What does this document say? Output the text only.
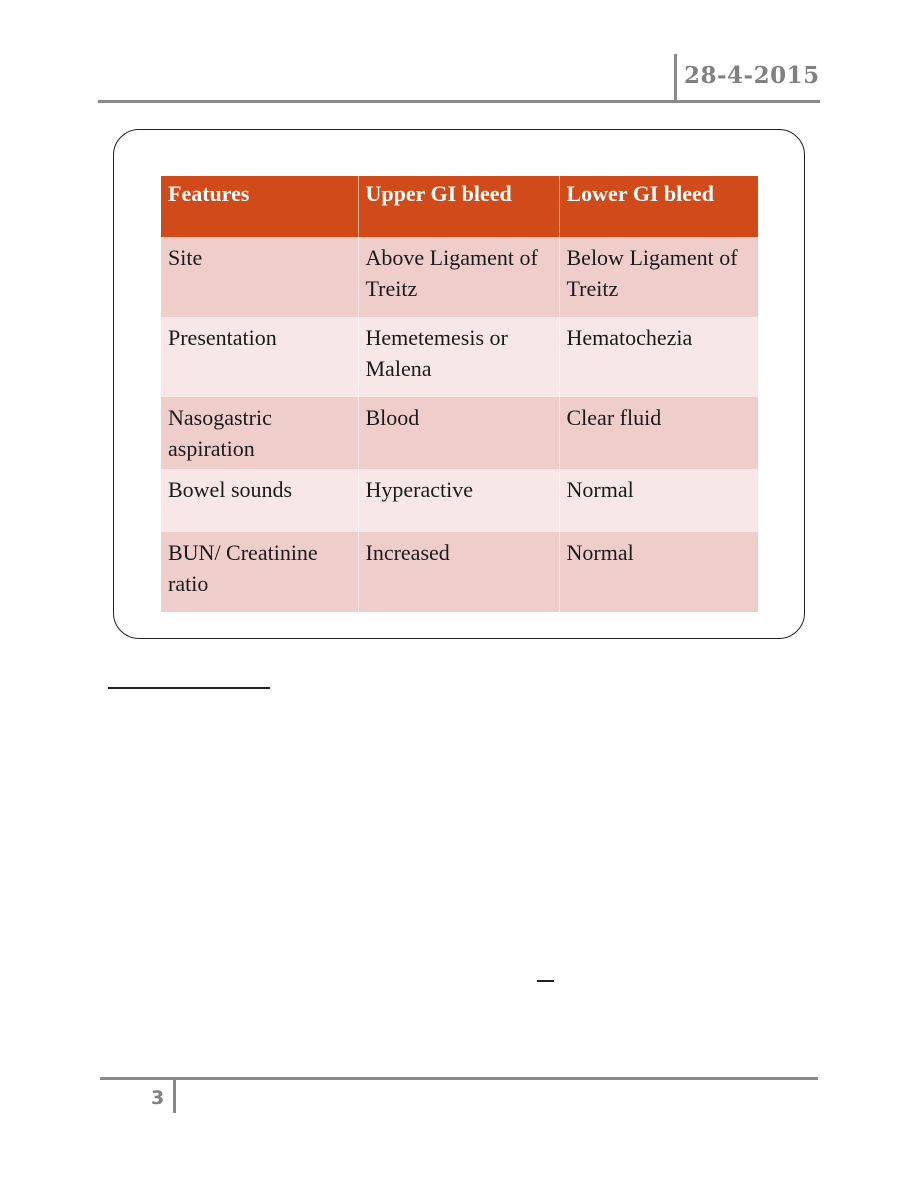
28-4-2015
Features	Upper GI bleed	Lower GI bleed
Site	Above Ligament of Treitz	Below Ligament of Treitz
Presentation	Hemetemesis or Malena	Hematochezia
Nasogastric aspiration	Blood	Clear fluid
Bowel sounds	Hyperactive	Normal
BUN/ Creatinine ratio	Increased	Normal
3
